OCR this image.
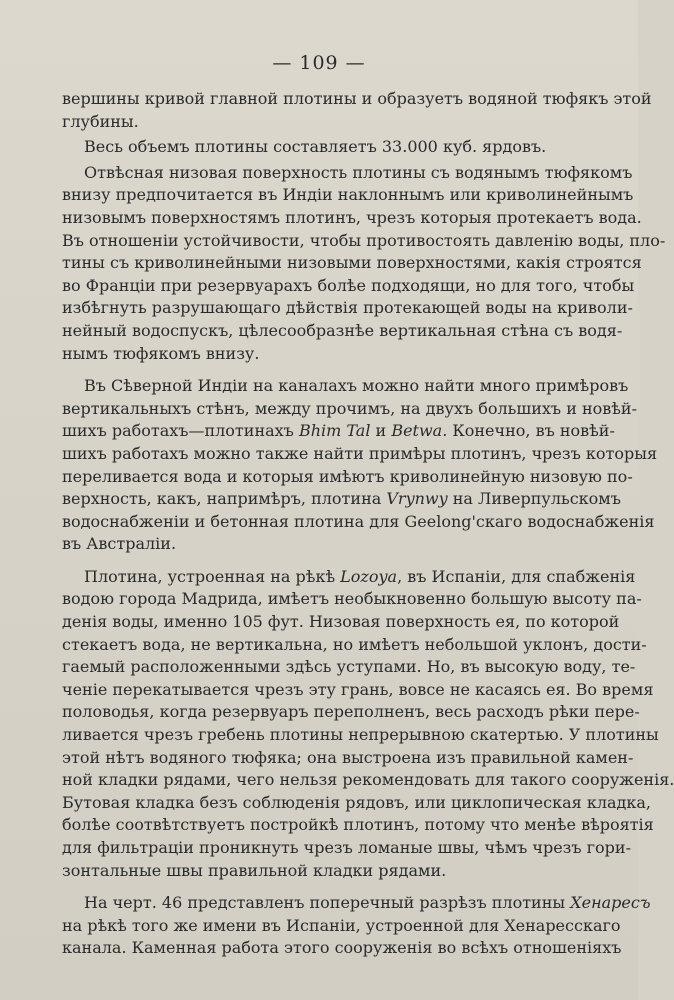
— 109 —

вершины кривой главной плотины и образуетъ водяной тюфякъ этой
глубины.

Весь объемъ плотины составляетъ 33.000 куб. ярдовъ.

Отвѣсная низовая поверхность плотины съ водянымъ тюфякомъ
внизу предпочитается въ Индіи наклоннымъ или криволинейнымъ
низовымъ поверхностямъ плотинъ, чрезъ которыя протекаетъ вода.
Въ отношеніи устойчивости, чтобы противостоять давленію воды, пло-
тины съ криволинейными низовыми поверхностями, какія строятся
во Франціи при резервуарахъ болѣе подходящи, но для того, чтобы
избѣгнуть разрушающаго дѣйствія протекающей воды на криволи-
нейный водоспускъ, цѣлесообразнѣе вертикальная стѣна съ водя-
нымъ тюфякомъ внизу.

Въ Сѣверной Индіи на каналахъ можно найти много примѣровъ
вертикальныхъ стѣнъ, между прочимъ, на двухъ большихъ и новѣй-
шихъ работахъ—плотинахъ Bhim Tal и Betwa. Конечно, въ новѣй-
шихъ работахъ можно также найти примѣры плотинъ, чрезъ которыя
переливается вода и которыя имѣютъ криволинейную низовую по-
верхность, какъ, напримѣръ, плотина Vrynwy на Ливерпульскомъ
водоснабженіи и бетонная плотина для Geelong'скаго водоснабженія
въ Австраліи.

Плотина, устроенная на рѣкѣ Lozoya, въ Испаніи, для спабженія
водою города Мадрида, имѣетъ необыкновенно большую высоту па-
денія воды, именно 105 фут. Низовая поверхность ея, по которой
стекаетъ вода, не вертикальна, но имѣетъ небольшой уклонъ, дости-
гаемый расположенными здѣсь уступами. Но, въ высокую воду, те-
ченіе перекатывается чрезъ эту грань, вовсе не касаясь ея. Во время
половодья, когда резервуаръ переполненъ, весь расходъ рѣки пере-
ливается чрезъ гребень плотины непрерывною скатертью. У плотины
этой нѣтъ водяного тюфяка; она выстроена изъ правильной камен-
ной кладки рядами, чего нельзя рекомендовать для такого сооруженія.
Бутовая кладка безъ соблюденія рядовъ, или циклопическая кладка,
болѣе соотвѣтствуетъ постройкѣ плотинъ, потому что менѣе вѣроятія
для фильтраціи проникнуть чрезъ ломаные швы, чѣмъ чрезъ гори-
зонтальные швы правильной кладки рядами.

На черт. 46 представленъ поперечный разрѣзъ плотины Хенаресъ
на рѣкѣ того же имени въ Испаніи, устроенной для Хенаресскаго
канала. Каменная работа этого сооруженія во всѣхъ отношеніяхъ
